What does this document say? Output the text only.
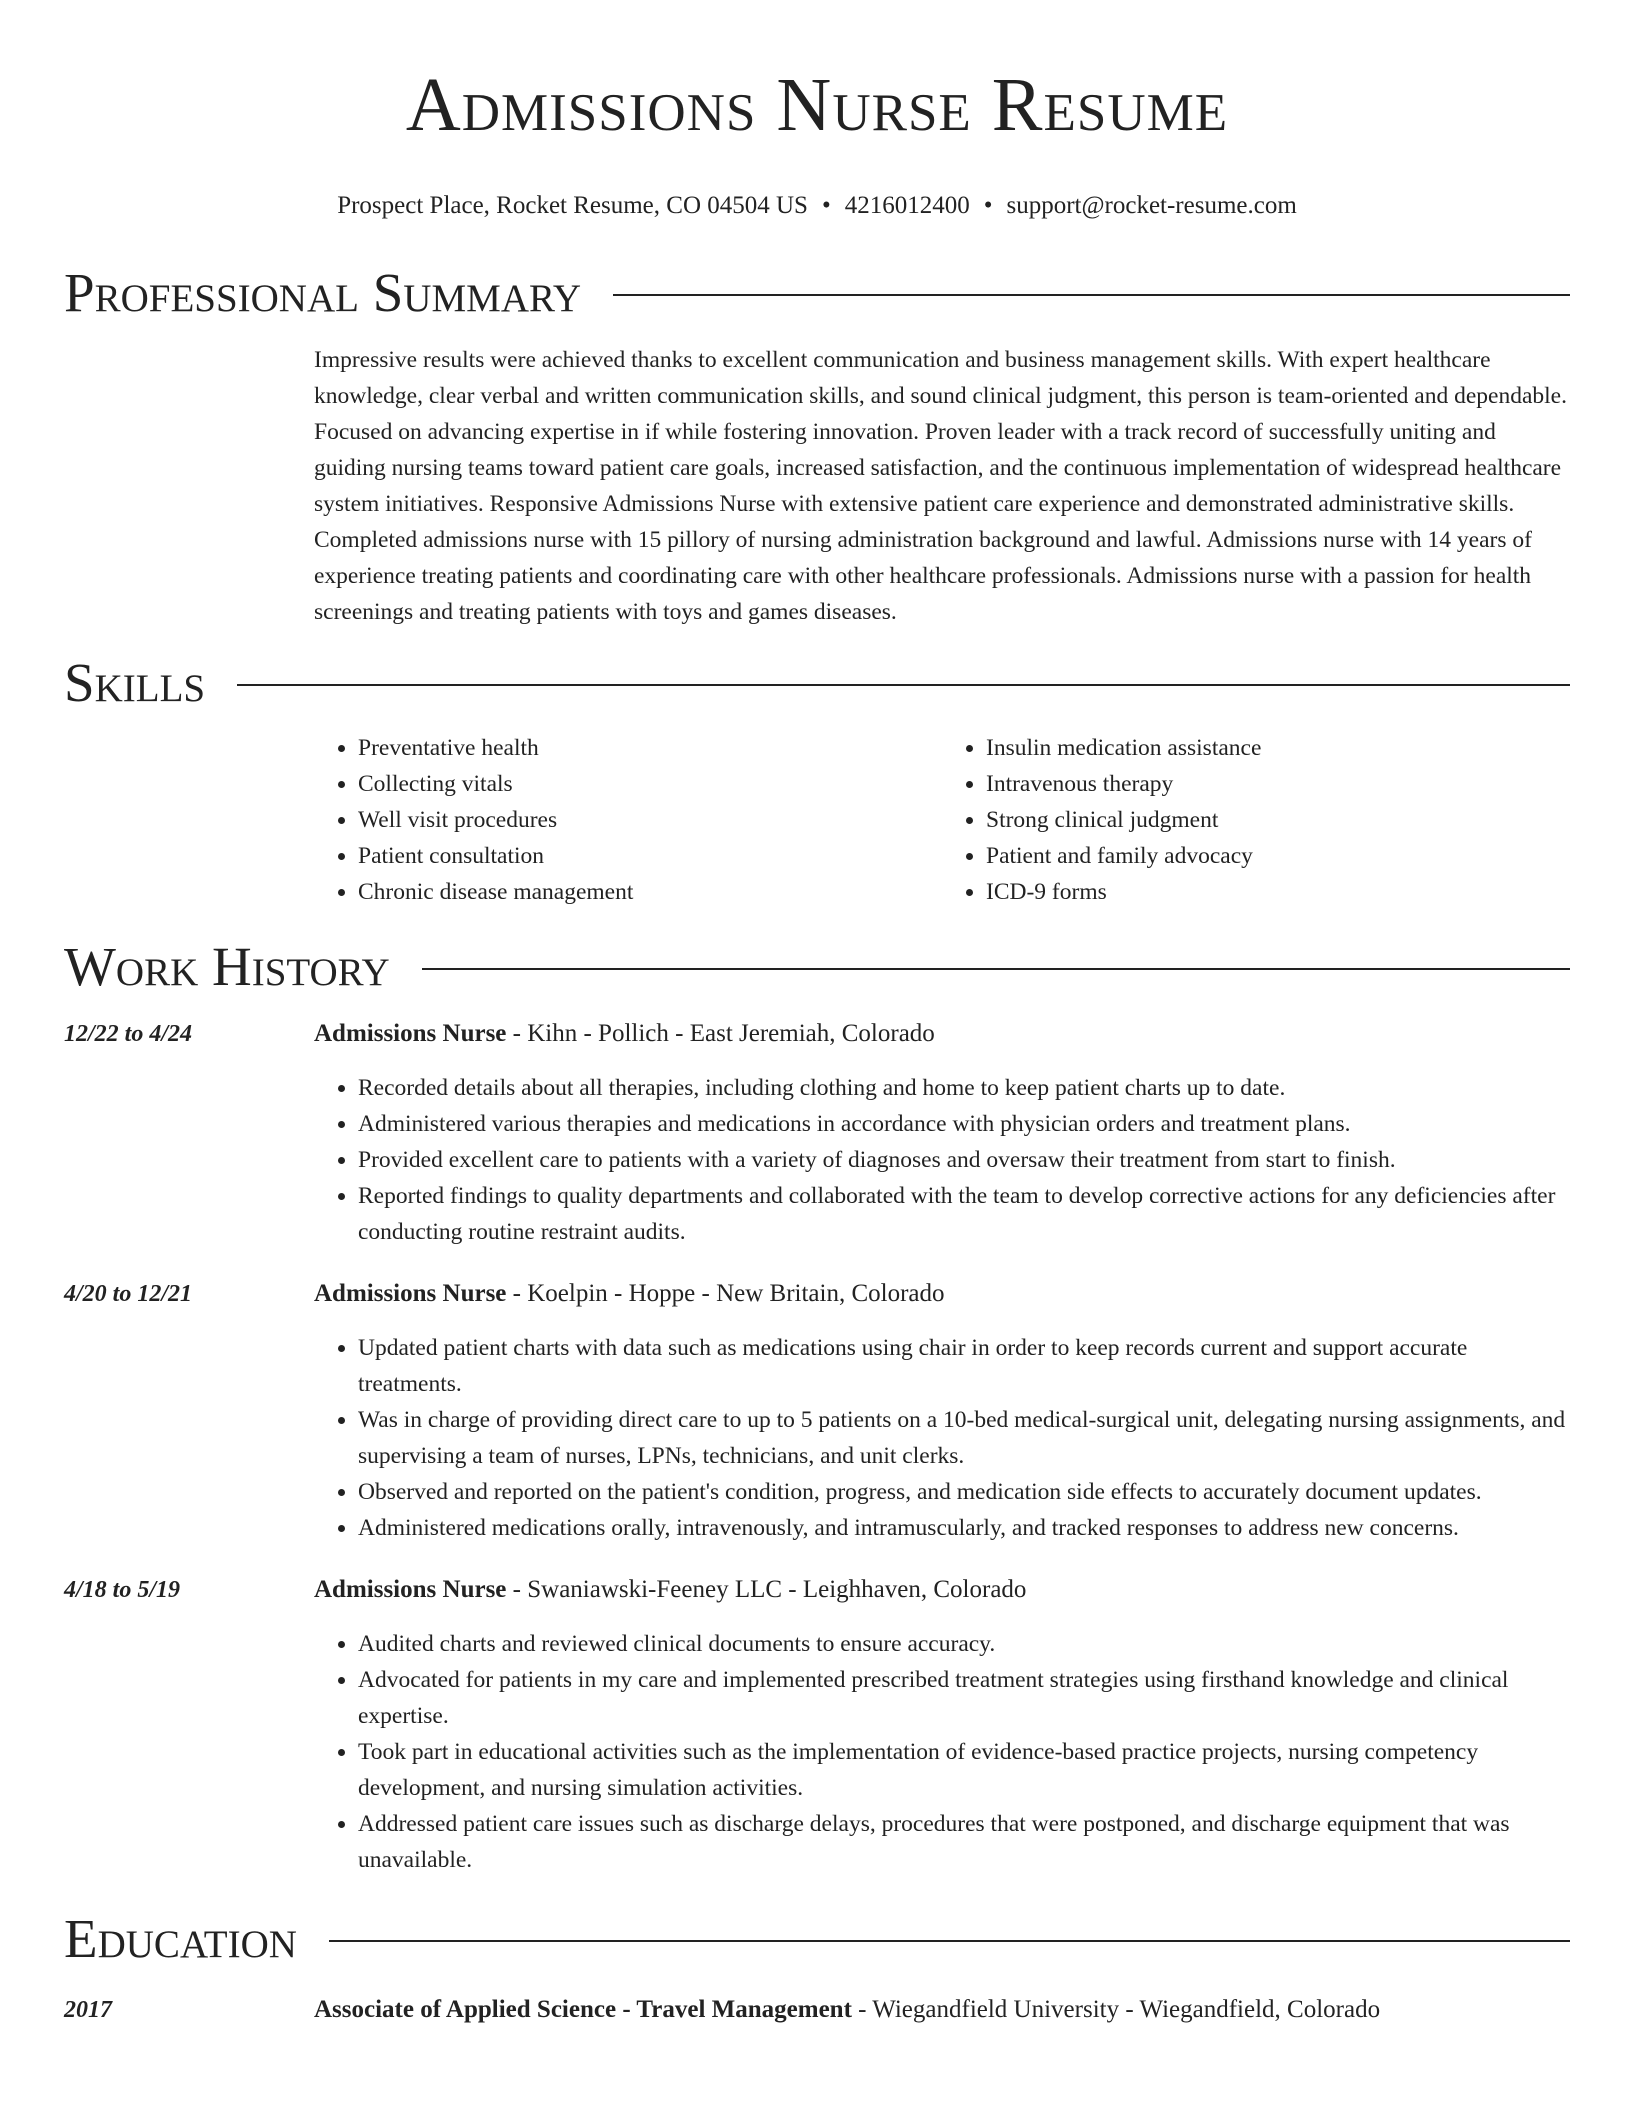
Admissions Nurse Resume
Prospect Place, Rocket Resume, CO 04504 US • 4216012400 • support@rocket-resume.com
Professional Summary
Impressive results were achieved thanks to excellent communication and business management skills. With expert healthcare knowledge, clear verbal and written communication skills, and sound clinical judgment, this person is team-oriented and dependable. Focused on advancing expertise in if while fostering innovation. Proven leader with a track record of successfully uniting and guiding nursing teams toward patient care goals, increased satisfaction, and the continuous implementation of widespread healthcare system initiatives. Responsive Admissions Nurse with extensive patient care experience and demonstrated administrative skills. Completed admissions nurse with 15 pillory of nursing administration background and lawful. Admissions nurse with 14 years of experience treating patients and coordinating care with other healthcare professionals. Admissions nurse with a passion for health screenings and treating patients with toys and games diseases.
Skills
• Preventative health
• Collecting vitals
• Well visit procedures
• Patient consultation
• Chronic disease management
• Insulin medication assistance
• Intravenous therapy
• Strong clinical judgment
• Patient and family advocacy
• ICD-9 forms
Work History
12/22 to 4/24	Admissions Nurse - Kihn - Pollich - East Jeremiah, Colorado
• Recorded details about all therapies, including clothing and home to keep patient charts up to date.
• Administered various therapies and medications in accordance with physician orders and treatment plans.
• Provided excellent care to patients with a variety of diagnoses and oversaw their treatment from start to finish.
• Reported findings to quality departments and collaborated with the team to develop corrective actions for any deficiencies after conducting routine restraint audits.
4/20 to 12/21	Admissions Nurse - Koelpin - Hoppe - New Britain, Colorado
• Updated patient charts with data such as medications using chair in order to keep records current and support accurate treatments.
• Was in charge of providing direct care to up to 5 patients on a 10-bed medical-surgical unit, delegating nursing assignments, and supervising a team of nurses, LPNs, technicians, and unit clerks.
• Observed and reported on the patient's condition, progress, and medication side effects to accurately document updates.
• Administered medications orally, intravenously, and intramuscularly, and tracked responses to address new concerns.
4/18 to 5/19	Admissions Nurse - Swaniawski-Feeney LLC - Leighhaven, Colorado
• Audited charts and reviewed clinical documents to ensure accuracy.
• Advocated for patients in my care and implemented prescribed treatment strategies using firsthand knowledge and clinical expertise.
• Took part in educational activities such as the implementation of evidence-based practice projects, nursing competency development, and nursing simulation activities.
• Addressed patient care issues such as discharge delays, procedures that were postponed, and discharge equipment that was unavailable.
Education
2017	Associate of Applied Science - Travel Management - Wiegandfield University - Wiegandfield, Colorado
